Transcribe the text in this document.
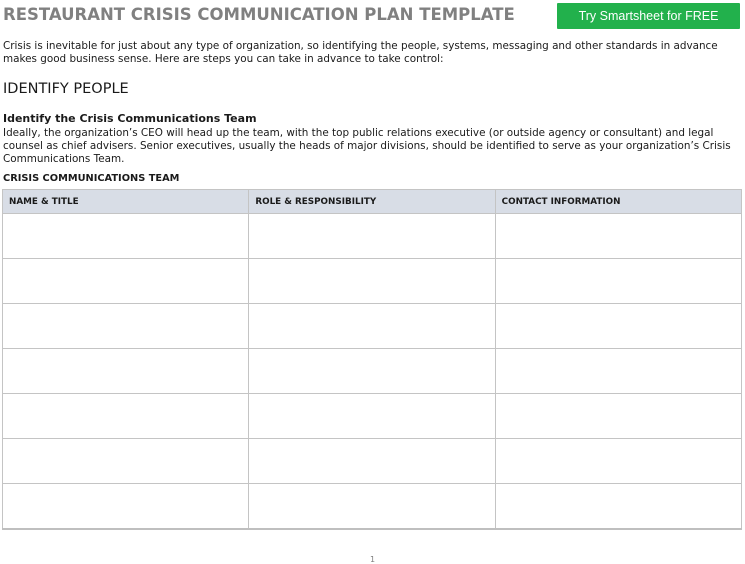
RESTAURANT CRISIS COMMUNICATION PLAN TEMPLATE	Try Smartsheet for FREE
Crisis is inevitable for just about any type of organization, so identifying the people, systems, messaging and other standards in advance makes good business sense. Here are steps you can take in advance to take control:
IDENTIFY PEOPLE
Identify the Crisis Communications Team
Ideally, the organization’s CEO will head up the team, with the top public relations executive (or outside agency or consultant) and legal counsel as chief advisers. Senior executives, usually the heads of major divisions, should be identified to serve as your organization’s Crisis Communications Team.
CRISIS COMMUNICATIONS TEAM
NAME & TITLE	ROLE & RESPONSIBILITY	CONTACT INFORMATION

1
